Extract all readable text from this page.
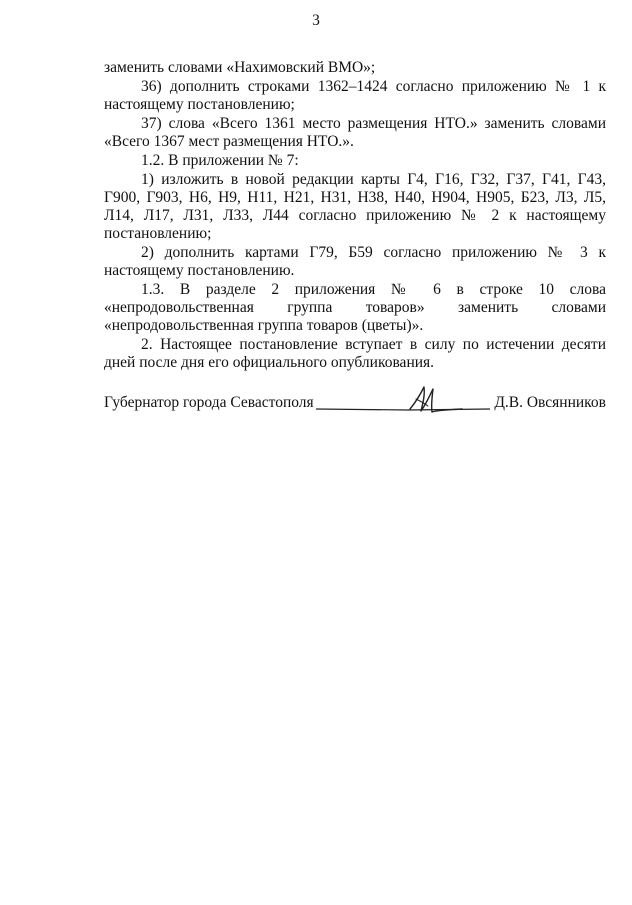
3

заменить словами «Нахимовский ВМО»;

36) дополнить строками 1362–1424 согласно приложению № 1 к настоящему постановлению;

37) слова «Всего 1361 место размещения НТО.» заменить словами «Всего 1367 мест размещения НТО.».

1.2. В приложении № 7:

1) изложить в новой редакции карты Г4, Г16, Г32, Г37, Г41, Г43, Г900, Г903, Н6, Н9, Н11, Н21, Н31, Н38, Н40, Н904, Н905, Б23, Л3, Л5, Л14, Л17, Л31, Л33, Л44 согласно приложению № 2 к настоящему постановлению;

2) дополнить картами Г79, Б59 согласно приложению № 3 к настоящему постановлению.

1.3. В разделе 2 приложения № 6 в строке 10 слова «непродовольственная группа товаров» заменить словами «непродовольственная группа товаров (цветы)».

2. Настоящее постановление вступает в силу по истечении десяти дней после дня его официального опубликования.

Губернатор города Севастополя	Д.В. Овсянников
